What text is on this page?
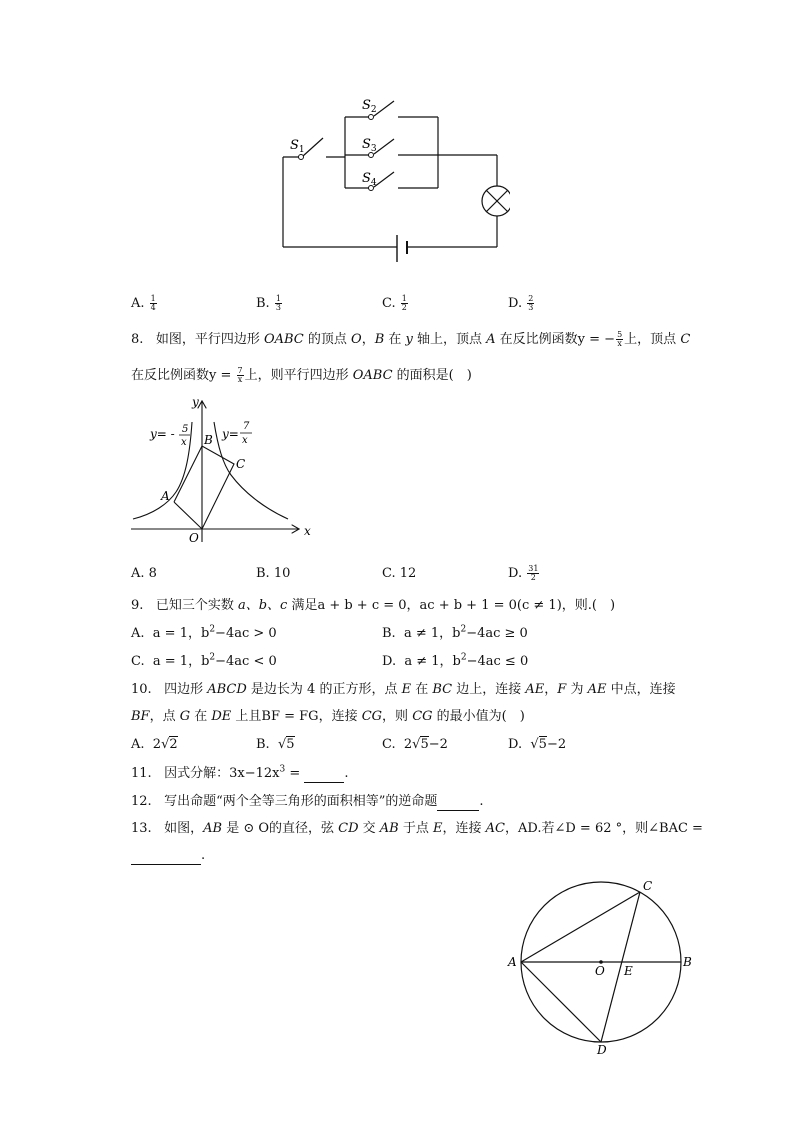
$S_1$
$S_2$
$S_3$
$S_4$
A. $\frac{1}{4}$	B. $\frac{1}{3}$	C. $\frac{1}{2}$	D. $\frac{2}{3}$
8. 如图，平行四边形 OABC 的顶点 O，B 在 y 轴上，顶点 A 在反比例函数y = − $\frac{5}{x}$ 上，顶点 C
在反比例函数$y = \frac{7}{x}$ 上，则平行四边形 OABC 的面积是(　)
y
x
O
A
B
C
y= - 5
x
y=
7
x
A. 8	B. 10	C. 12	D. $\frac{31}{2}$
9. 已知三个实数 a、b、c 满足a + b + c = 0，ac + b + 1 = 0(c ≠ 1)，则.(　)
A. a = 1，$b^2-4ac > 0$	B. a ≠ 1，$b^2-4ac \ge 0$
C. a = 1，$b^2-4ac < 0$	D. a ≠ 1，$b^2-4ac \le 0$
10. 四边形 ABCD 是边长为 4 的正方形，点 E 在 BC 边上，连接 AE，F 为 AE 中点，连接
BF，点 G 在 DE 上且BF = FG，连接 CG，则 CG 的最小值为(　)
A. 2√2	B. √5	C. 2√5−2	D. √5−2
11. 因式分解：$3x-12x^3$ =	.
12. 写出命题“两个全等三角形的面积相等”的逆命题	.
13. 如图，AB 是 ⊙ O的直径，弦 CD 交 AB 于点 E，连接 AC，AD.若∠D = 62 °，则∠BAC =
.
A	B
C
D
E
O
